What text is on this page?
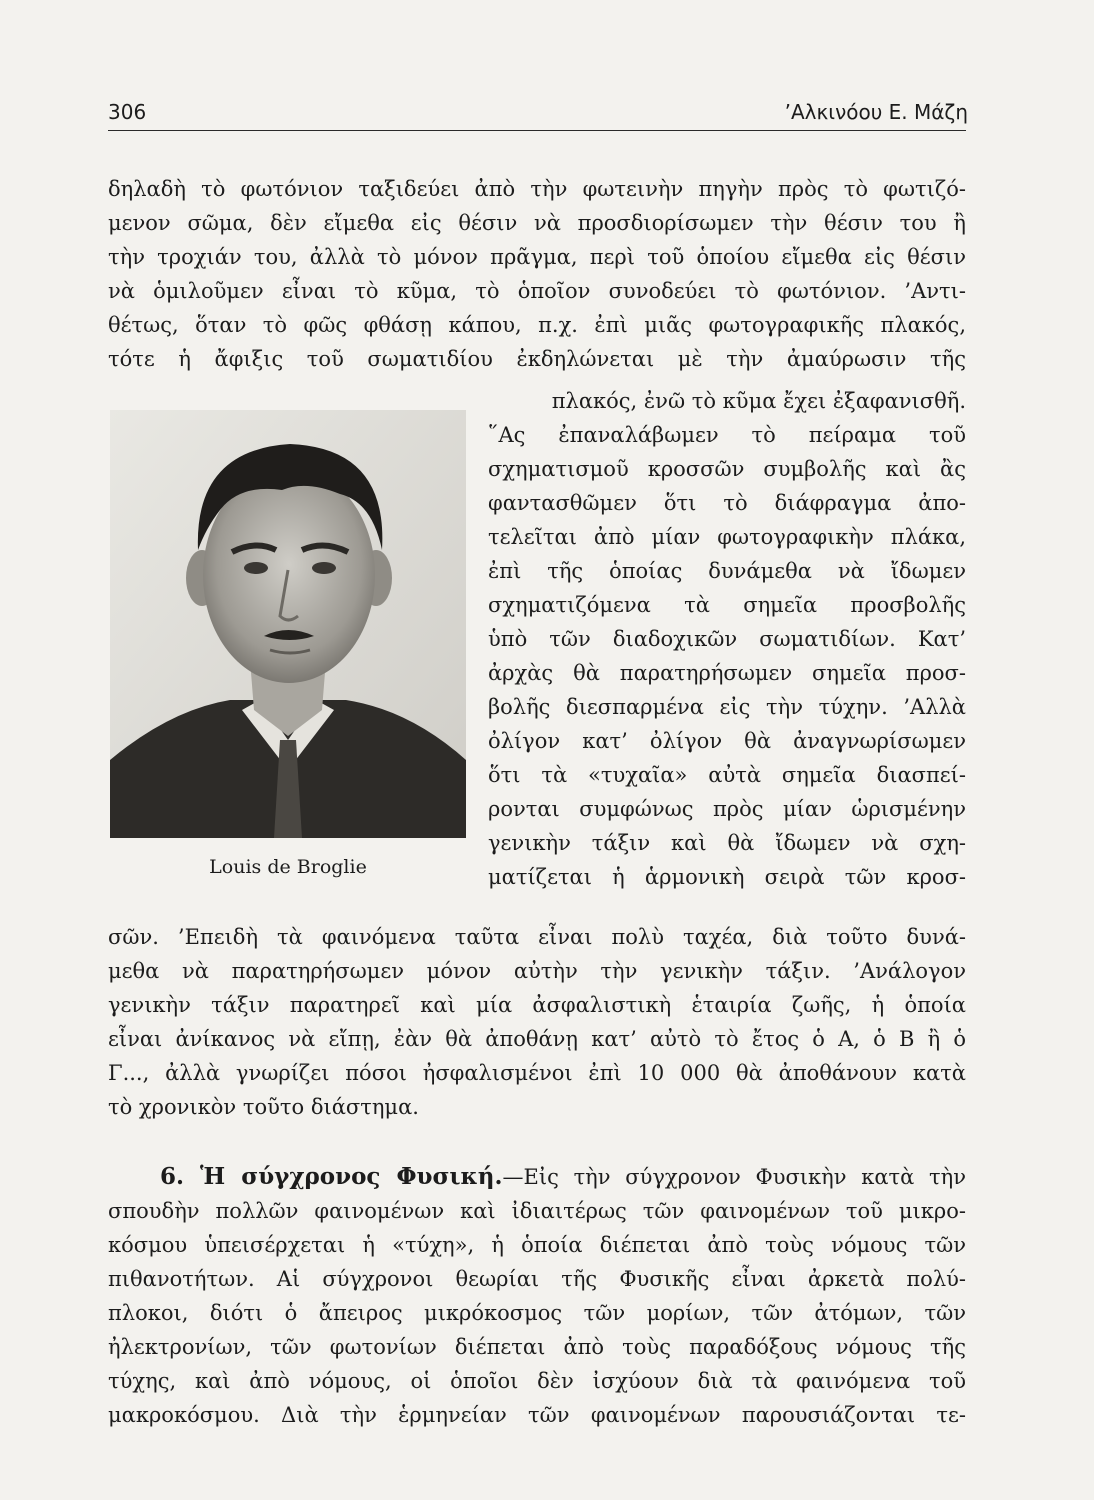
306	’Αλκινόου Ε. Μάζη
δηλαδὴ τὸ φωτόνιον ταξιδεύει ἀπὸ τὴν φωτεινὴν πηγὴν πρὸς τὸ φωτιζό-
μενον σῶμα, δὲν εἴμεθα εἰς θέσιν νὰ προσδιορίσωμεν τὴν θέσιν του ἢ
τὴν τροχιάν του, ἀλλὰ τὸ μόνον πρᾶγμα, περὶ τοῦ ὁποίου εἴμεθα εἰς θέσιν
νὰ ὁμιλοῦμεν εἶναι τὸ κῦμα, τὸ ὁποῖον συνοδεύει τὸ φωτόνιον. ’Αντι-
θέτως, ὅταν τὸ φῶς φθάσῃ κάπου, π.χ. ἐπὶ μιᾶς φωτογραφικῆς πλακός,
τότε ἡ ἄφιξις τοῦ σωματιδίου ἐκδηλώνεται μὲ τὴν ἀμαύρωσιν τῆς
Louis de Broglie
πλακός, ἐνῶ τὸ κῦμα ἔχει ἐξαφανισθῆ.
῞Ας ἐπαναλάβωμεν τὸ πείραμα τοῦ
σχηματισμοῦ κροσσῶν συμβολῆς καὶ ἂς
φαντασθῶμεν ὅτι τὸ διάφραγμα ἀπο-
τελεῖται ἀπὸ μίαν φωτογραφικὴν πλάκα,
ἐπὶ τῆς ὁποίας δυνάμεθα νὰ ἴδωμεν
σχηματιζόμενα τὰ σημεῖα προσβολῆς
ὑπὸ τῶν διαδοχικῶν σωματιδίων. Κατ’
ἀρχὰς θὰ παρατηρήσωμεν σημεῖα προσ-
βολῆς διεσπαρμένα εἰς τὴν τύχην. ’Αλλὰ
ὀλίγον κατ’ ὀλίγον θὰ ἀναγνωρίσωμεν
ὅτι τὰ «τυχαῖα» αὐτὰ σημεῖα διασπεί-
ρονται συμφώνως πρὸς μίαν ὡρισμένην
γενικὴν τάξιν καὶ θὰ ἴδωμεν νὰ σχη-
ματίζεται ἡ ἁρμονικὴ σειρὰ τῶν κροσ-
σῶν. ’Επειδὴ τὰ φαινόμενα ταῦτα εἶναι πολὺ ταχέα, διὰ τοῦτο δυνά-
μεθα νὰ παρατηρήσωμεν μόνον αὐτὴν τὴν γενικὴν τάξιν. ’Ανάλογον
γενικὴν τάξιν παρατηρεῖ καὶ μία ἀσφαλιστικὴ ἑταιρία ζωῆς, ἡ ὁποία
εἶναι ἀνίκανος νὰ εἴπῃ, ἐὰν θὰ ἀποθάνῃ κατ’ αὐτὸ τὸ ἔτος ὁ Α, ὁ Β ἢ ὁ
Γ..., ἀλλὰ γνωρίζει πόσοι ἠσφαλισμένοι ἐπὶ 10 000 θὰ ἀποθάνουν κατὰ
τὸ χρονικὸν τοῦτο διάστημα.
6. Ἡ σύγχρονος Φυσική.—Εἰς τὴν σύγχρονον Φυσικὴν κατὰ τὴν
σπουδὴν πολλῶν φαινομένων καὶ ἰδιαιτέρως τῶν φαινομένων τοῦ μικρο-
κόσμου ὑπεισέρχεται ἡ «τύχη», ἡ ὁποία διέπεται ἀπὸ τοὺς νόμους τῶν
πιθανοτήτων. Αἱ σύγχρονοι θεωρίαι τῆς Φυσικῆς εἶναι ἀρκετὰ πολύ-
πλοκοι, διότι ὁ ἄπειρος μικρόκοσμος τῶν μορίων, τῶν ἀτόμων, τῶν
ἠλεκτρονίων, τῶν φωτονίων διέπεται ἀπὸ τοὺς παραδόξους νόμους τῆς
τύχης, καὶ ἀπὸ νόμους, οἱ ὁποῖοι δὲν ἰσχύουν διὰ τὰ φαινόμενα τοῦ
μακροκόσμου. Διὰ τὴν ἑρμηνείαν τῶν φαινομένων παρουσιάζονται τε-
